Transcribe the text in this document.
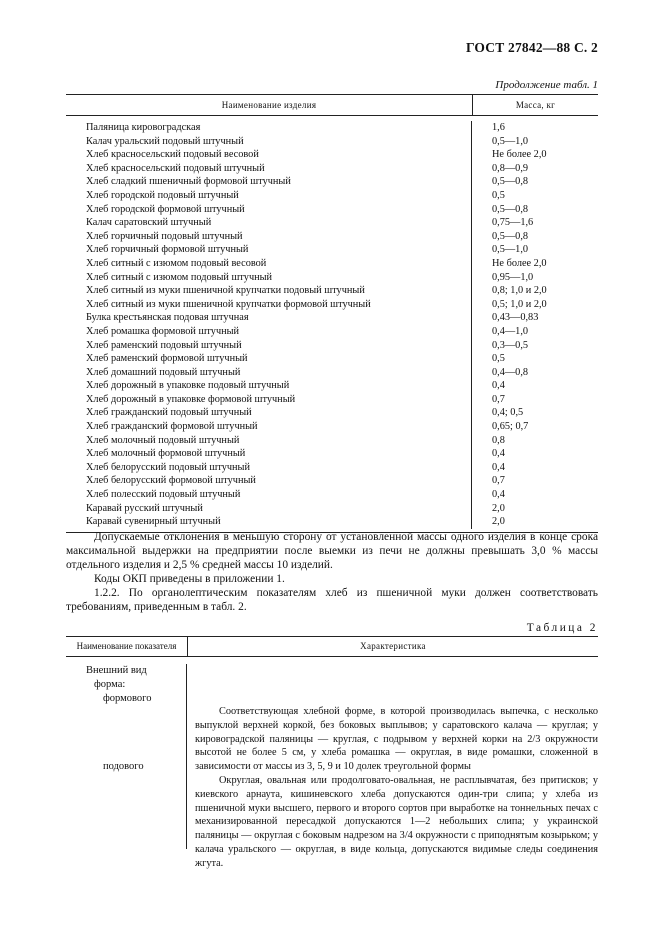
ГОСТ 27842—88 С. 2
Продолжение табл. 1
Наименование изделия	Масса, кг
Паляница кировоградская
Калач уральский подовый штучный
Хлеб красносельский подовый весовой
Хлеб красносельский подовый штучный
Хлеб сладкий пшеничный формовой штучный
Хлеб городской подовый штучный
Хлеб городской формовой штучный
Калач саратовский штучный
Хлеб горчичный подовый штучный
Хлеб горчичный формовой штучный
Хлеб ситный с изюмом подовый весовой
Хлеб ситный с изюмом подовый штучный
Хлеб ситный из муки пшеничной крупчатки подовый штучный
Хлеб ситный из муки пшеничной крупчатки формовой штучный
Булка крестьянская подовая штучная
Хлеб ромашка формовой штучный
Хлеб раменский подовый штучный
Хлеб раменский формовой штучный
Хлеб домашний подовый штучный
Хлеб дорожный в упаковке подовый штучный
Хлеб дорожный в упаковке формовой штучный
Хлеб гражданский подовый штучный
Хлеб гражданский формовой штучный
Хлеб молочный подовый штучный
Хлеб молочный формовой штучный
Хлеб белорусский подовый штучный
Хлеб белорусский формовой штучный
Хлеб полесский подовый штучный
Каравай русский штучный
Каравай сувенирный штучный
1,6
0,5—1,0
Не более 2,0
0,8—0,9
0,5—0,8
0,5
0,5—0,8
0,75—1,6
0,5—0,8
0,5—1,0
Не более 2,0
0,95—1,0
0,8; 1,0 и 2,0
0,5; 1,0 и 2,0
0,43—0,83
0,4—1,0
0,3—0,5
0,5
0,4—0,8
0,4
0,7
0,4; 0,5
0,65; 0,7
0,8
0,4
0,4
0,7
0,4
2,0
2,0
Допускаемые отклонения в меньшую сторону от установленной массы одного изделия в конце срока максимальной выдержки на предприятии после выемки из печи не должны превышать 3,0 % массы отдельного изделия и 2,5 % средней массы 10 изделий.
Коды ОКП приведены в приложении 1.
1.2.2. По органолептическим показателям хлеб из пшеничной муки должен соответствовать требованиям, приведенным в табл. 2.
Таблица 2
Наименование показателя	Характеристика
Внешний вид
форма:
формового
подового

Соответствующая хлебной форме, в которой производилась выпечка, с несколько выпуклой верхней коркой, без боковых выплывов; у саратовского калача — круглая; у кировоградской паляницы — круглая, с подрывом у верхней корки на 2/3 окружности высотой не более 5 см, у хлеба ромашка — округлая, в виде ромашки, сложенной в зависимости от массы из 3, 5, 9 и 10 долек треугольной формы

Округлая, овальная или продолговато-овальная, не расплывчатая, без притисков; у киевского арнаута, кишиневского хлеба допускаются один-три слипа; у хлеба из пшеничной муки высшего, первого и второго сортов при выработке на тоннельных печах с механизированной пересадкой допускаются 1—2 небольших слипа; у украинской паляницы — округлая с боковым надрезом на 3/4 окружности с приподнятым козырьком; у калача уральского — округлая, в виде кольца, допускаются видимые следы соединения жгута.
